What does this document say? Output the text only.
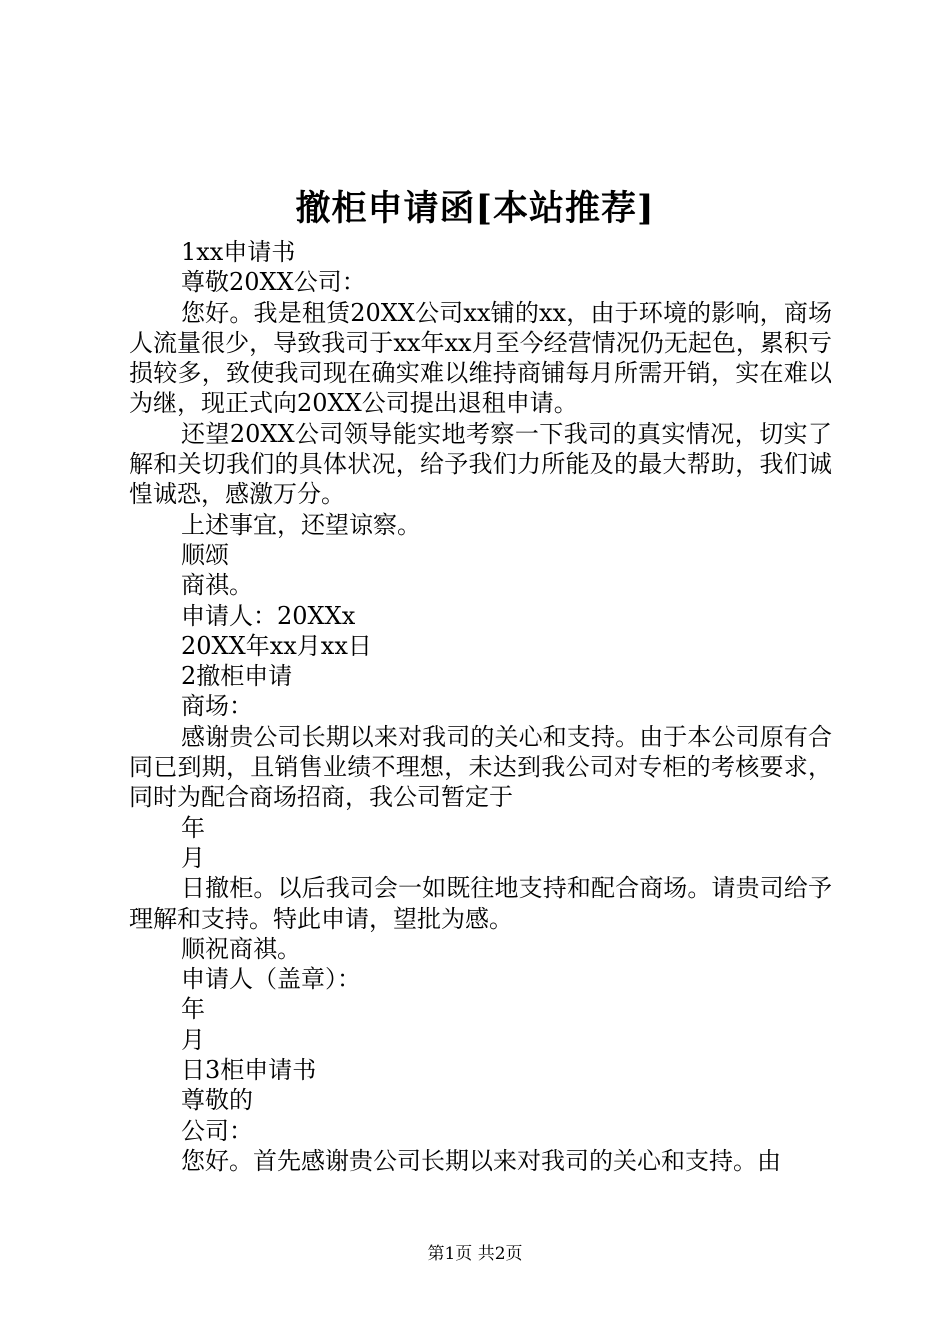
撤柜申请函[本站推荐]

1xx申请书

尊敬20XX公司：

您好。我是租赁20XX公司xx铺的xx，由于环境的影响，商场人流量很少，导致我司于xx年xx月至今经营情况仍无起色，累积亏损较多，致使我司现在确实难以维持商铺每月所需开销，实在难以为继，现正式向20XX公司提出退租申请。

还望20XX公司领导能实地考察一下我司的真实情况，切实了解和关切我们的具体状况，给予我们力所能及的最大帮助，我们诚惶诚恐，感激万分。

上述事宜，还望谅察。

顺颂

商祺。

申请人：20XXx

20XX年xx月xx日

2撤柜申请

商场：

感谢贵公司长期以来对我司的关心和支持。由于本公司原有合同已到期，且销售业绩不理想，未达到我公司对专柜的考核要求，同时为配合商场招商，我公司暂定于

年

月

日撤柜。以后我司会一如既往地支持和配合商场。请贵司给予理解和支持。特此申请，望批为感。

顺祝商祺。

申请人（盖章）：

年

月

日3柜申请书

尊敬的

公司：

您好。首先感谢贵公司长期以来对我司的关心和支持。由

第1页 共2页
